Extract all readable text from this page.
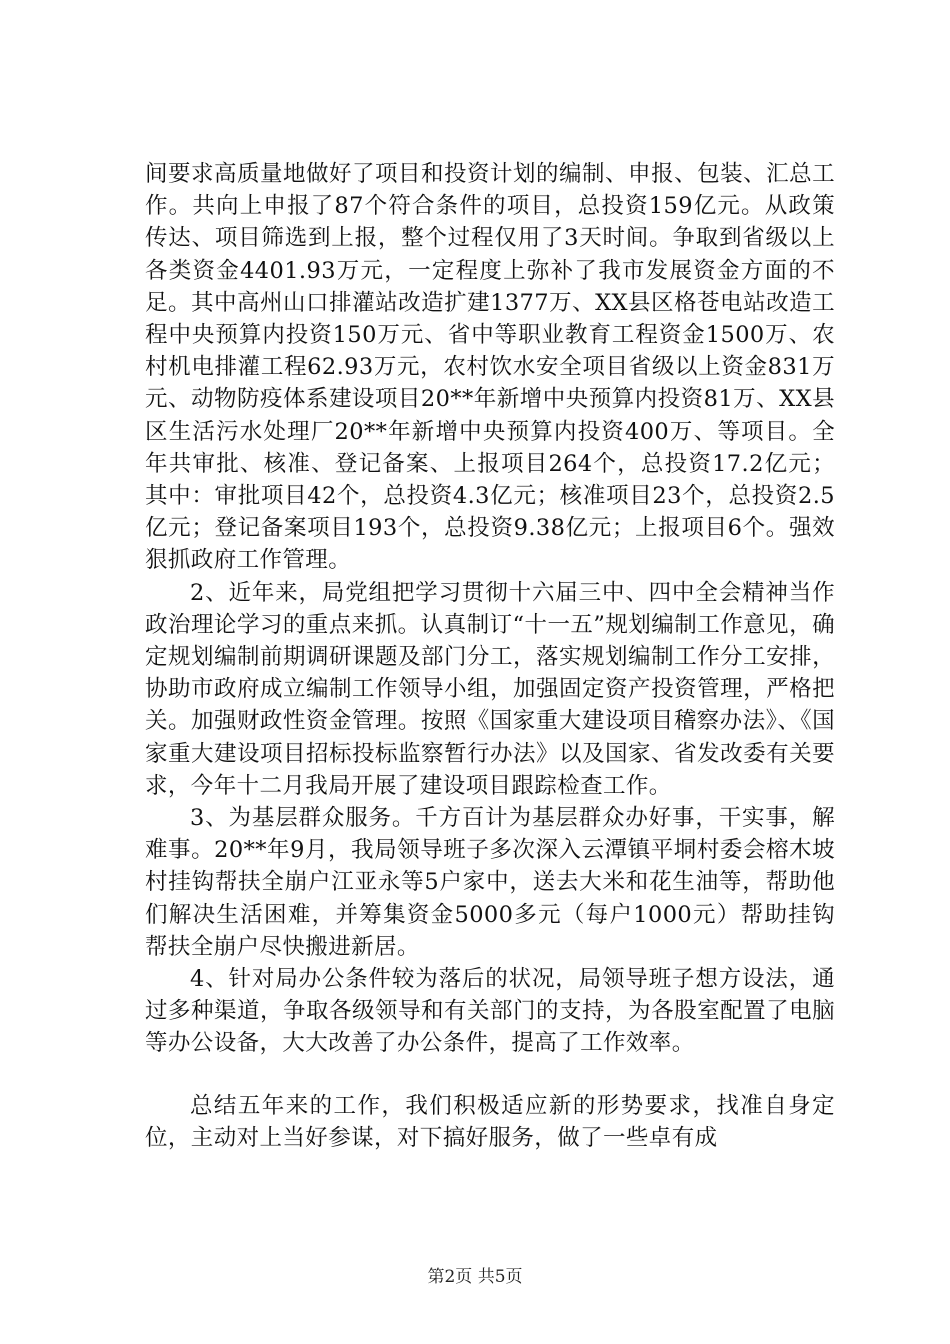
间要求高质量地做好了项目和投资计划的编制、申报、包装、汇总工作。共向上申报了87个符合条件的项目，总投资159亿元。从政策传达、项目筛选到上报，整个过程仅用了3天时间。争取到省级以上各类资金4401.93万元，一定程度上弥补了我市发展资金方面的不足。其中高州山口排灌站改造扩建1377万、XX县区格苍电站改造工程中央预算内投资150万元、省中等职业教育工程资金1500万、农村机电排灌工程62.93万元，农村饮水安全项目省级以上资金831万元、动物防疫体系建设项目20**年新增中央预算内投资81万、XX县区生活污水处理厂20**年新增中央预算内投资400万、等项目。全年共审批、核准、登记备案、上报项目264个，总投资17.2亿元；其中：审批项目42个，总投资4.3亿元；核准项目23个，总投资2.5亿元；登记备案项目193个，总投资9.38亿元；上报项目6个。强效狠抓政府工作管理。

2、近年来，局党组把学习贯彻十六届三中、四中全会精神当作政治理论学习的重点来抓。认真制订“十一五”规划编制工作意见，确定规划编制前期调研课题及部门分工，落实规划编制工作分工安排，协助市政府成立编制工作领导小组，加强固定资产投资管理，严格把关。加强财政性资金管理。按照《国家重大建设项目稽察办法》、《国家重大建设项目招标投标监察暂行办法》以及国家、省发改委有关要求，今年十二月我局开展了建设项目跟踪检查工作。

3、为基层群众服务。千方百计为基层群众办好事，干实事，解难事。20**年9月，我局领导班子多次深入云潭镇平垌村委会榕木坡村挂钩帮扶全崩户江亚永等5户家中，送去大米和花生油等，帮助他们解决生活困难，并筹集资金5000多元（每户1000元）帮助挂钩帮扶全崩户尽快搬进新居。

4、针对局办公条件较为落后的状况，局领导班子想方设法，通过多种渠道，争取各级领导和有关部门的支持，为各股室配置了电脑等办公设备，大大改善了办公条件，提高了工作效率。

总结五年来的工作，我们积极适应新的形势要求，找准自身定位，主动对上当好参谋，对下搞好服务，做了一些卓有成

第2页 共5页
